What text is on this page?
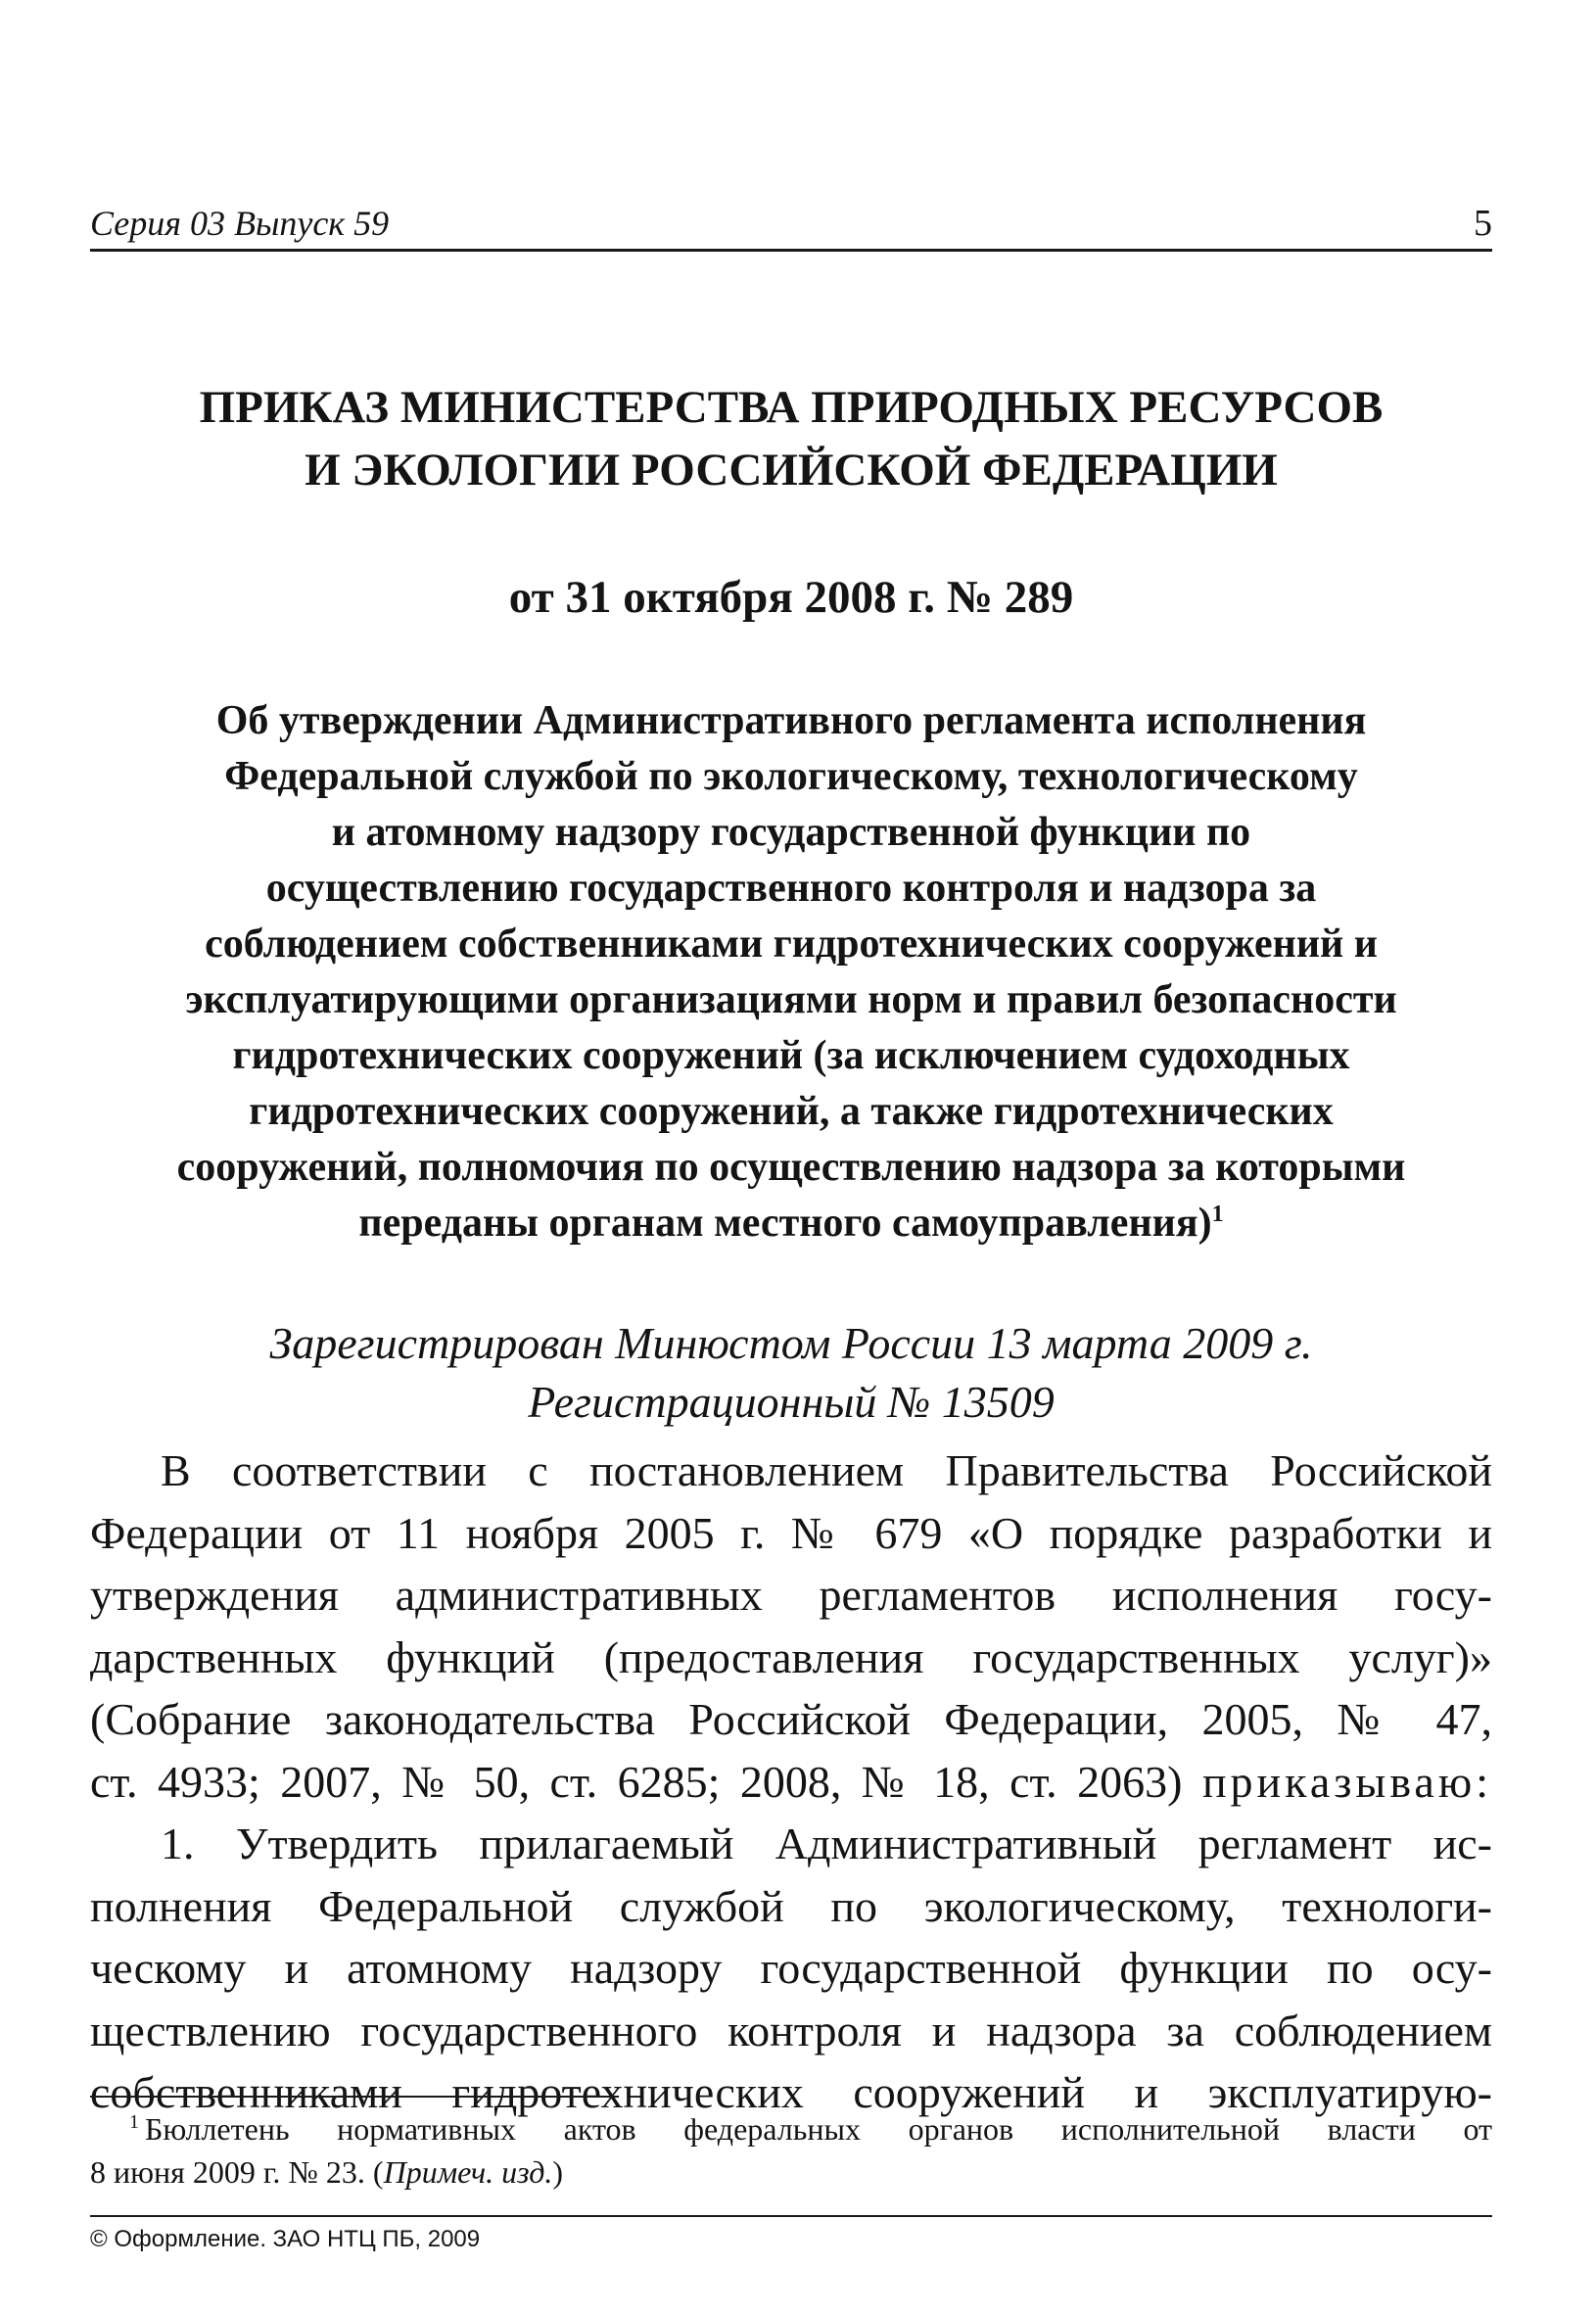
Серия 03 Выпуск 59	5
ПРИКАЗ МИНИСТЕРСТВА ПРИРОДНЫХ РЕСУРСОВ
И ЭКОЛОГИИ РОССИЙСКОЙ ФЕДЕРАЦИИ
от 31 октября 2008 г. № 289
Об утверждении Административного регламента исполнения
Федеральной службой по экологическому, технологическому
и атомному надзору государственной функции по
осуществлению государственного контроля и надзора за
соблюдением собственниками гидротехнических сооружений и
эксплуатирующими организациями норм и правил безопасности
гидротехнических сооружений (за исключением судоходных
гидротехнических сооружений, а также гидротехнических
сооружений, полномочия по осуществлению надзора за которыми
переданы органам местного самоуправления)$^1$
Зарегистрирован Минюстом России 13 марта 2009 г.
Регистрационный № 13509
В соответствии с постановлением Правительства Российской
Федерации от 11 ноября 2005 г. № 679 «О порядке разработки и
утверждения административных регламентов исполнения госу-
дарственных функций (предоставления государственных услуг)»
(Собрание законодательства Российской Федерации, 2005, № 47,
ст. 4933; 2007, № 50, ст. 6285; 2008, № 18, ст. 2063) приказываю:
1. Утвердить прилагаемый Административный регламент ис-
полнения Федеральной службой по экологическому, технологи-
ческому и атомному надзору государственной функции по осу-
ществлению государственного контроля и надзора за соблюдением
собственниками гидротехнических сооружений и эксплуатирую-
$^1$ Бюллетень нормативных актов федеральных органов исполнительной власти от
8 июня 2009 г. № 23. (Примеч. изд.)
© Оформление. ЗАО НТЦ ПБ, 2009
